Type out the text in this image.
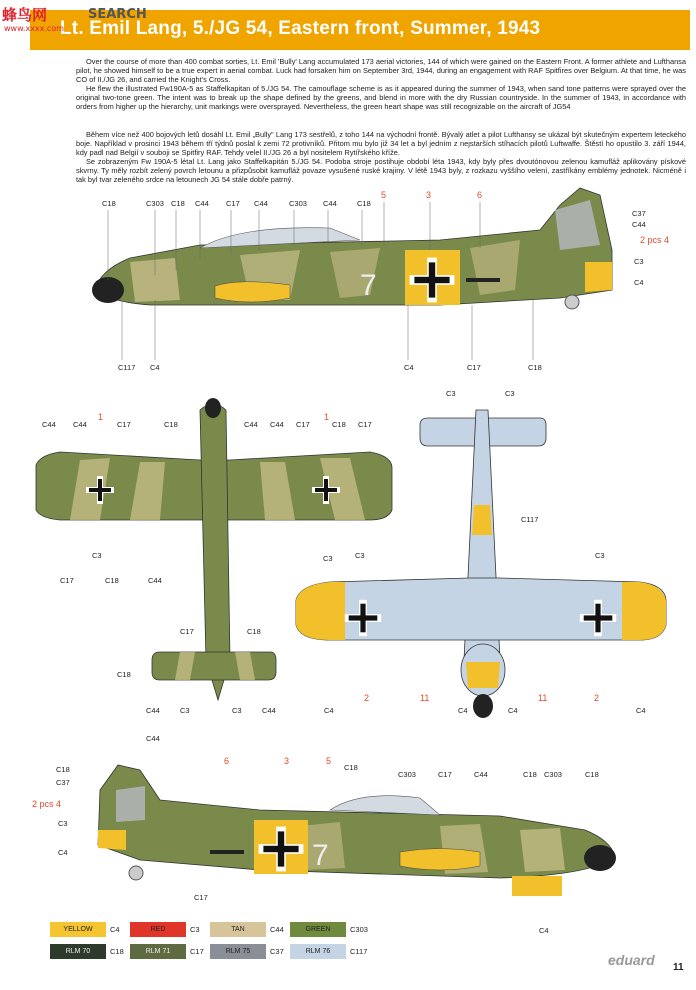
Lt. Emil Lang, 5./JG 54, Eastern front, Summer, 1943
蜂鸟网	SEARCH
www.xxxx.com

Over the course of more than 400 combat sorties, Lt. Emil 'Bully' Lang accumulated 173 aerial victories, 144 of which were gained on the Eastern Front. A former athlete and Lufthansa pilot, he showed himself to be a true expert in aerial combat. Luck had forsaken him on September 3rd, 1944, during an engagement with RAF Spitfires over Belgium. At that time, he was CO of II./JG 26, and carried the Knight's Cross.

He flew the illustrated Fw190A-5 as Staffelkapitan of 5./JG 54. The camouflage scheme is as it appeared during the summer of 1943, when sand tone patterns were sprayed over the original two-tone green. The intent was to break up the shape defined by the greens, and blend in more with the dry Russian countryside. In the summer of 1943, in accordance with orders from higher up the hierarchy, unit markings were oversprayed. Nevertheless, the green heart shape was still recognizable on the aircraft of JG54

Během více než 400 bojových letů dosáhl Lt. Emil „Bully" Lang 173 sestřelů, z toho 144 na východní frontě. Bývalý atlet a pilot Lufthansy se ukázal být skutečným expertem leteckého boje. Například v prosinci 1943 během tří týdnů poslal k zemi 72 protivníků. Přitom mu bylo již 34 let a byl jedním z nejstarších stíhacích pilotů Luftwaffe. Štěstí ho opustilo 3. září 1944, kdy padl nad Belgií v souboji se Spitfiry RAF. Tehdy velel II./JG 26 a byl nositelem Rytířského kříže.

Se zobrazeným Fw 190A-5 létal Lt. Lang jako Staffelkapitán 5./JG 54. Podoba stroje postihuje období léta 1943, kdy byly přes dvoutónovou zelenou kamufláž aplikovány pískové skvrny. Ty měly rozbít zelený povrch letounu a přizpůsobit kamufláž povaze vysušené ruské krajiny. V létě 1943 byly, z rozkazu vyššího velení, zastříkány emblémy jednotek. Nicméně i tak byl tvar zeleného srdce na letounech JG 54 stále dobře patrný.

7
C18	C303 C18 C44 C17 C44	C303 C44	C18
5	3	6
C37
C44
2 pcs 4
C3
C4
C117 C4	C4	C17	C18
C44 C44
1
C17	C18	C44 C44 C17
1
C18 C17
C3	C3
C17	C18	C44
C17	C18
C18
C44	C3	C3	C44
C3	C3
C117
C3	C3
2	11	11	2
C4	C4	C4	C4
7
C44
C18
C37
2 pcs 4
C3
C4
C17
6	3	5
C18
C303	C17	C44	C18 C303	C18
C4
YELLOW	C4	RED	C3	TAN	C44	GREEN	C303
RLM 70	C18	RLM 71	C17	RLM 75	C37	RLM 76	C117
eduard 11
